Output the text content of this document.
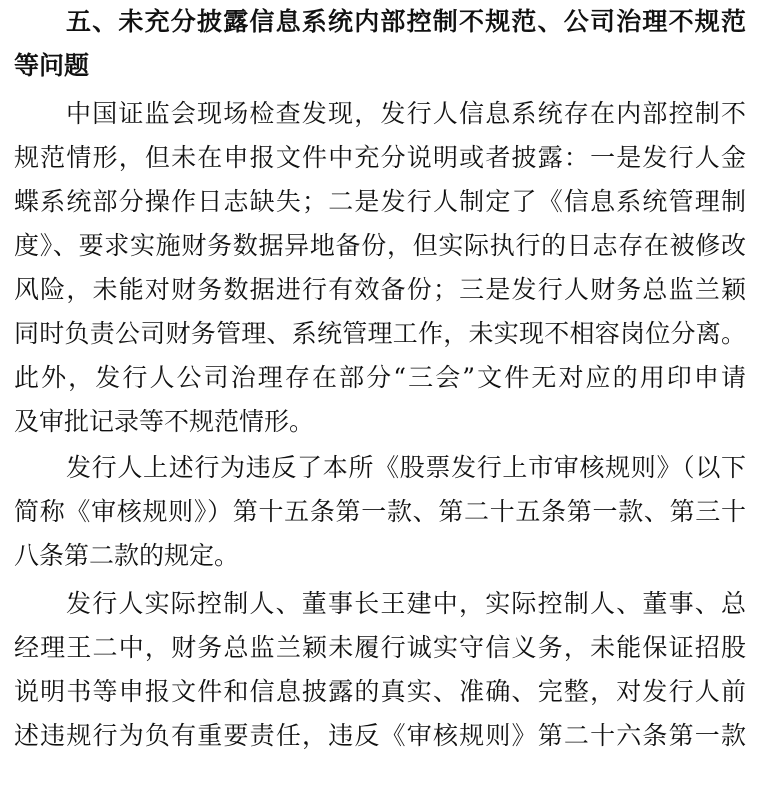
五、未充分披露信息系统内部控制不规范、公司治理不规范
等问题
中国证监会现场检查发现，发行人信息系统存在内部控制不
规范情形，但未在申报文件中充分说明或者披露：一是发行人金
蝶系统部分操作日志缺失；二是发行人制定了《信息系统管理制
度》、要求实施财务数据异地备份，但实际执行的日志存在被修改
风险，未能对财务数据进行有效备份；三是发行人财务总监兰颖
同时负责公司财务管理、系统管理工作，未实现不相容岗位分离。
此外，发行人公司治理存在部分“三会”文件无对应的用印申请
及审批记录等不规范情形。
发行人上述行为违反了本所《股票发行上市审核规则》（以下
简称《审核规则》）第十五条第一款、第二十五条第一款、第三十
八条第二款的规定。
发行人实际控制人、董事长王建中，实际控制人、董事、总
经理王二中，财务总监兰颖未履行诚实守信义务，未能保证招股
说明书等申报文件和信息披露的真实、准确、完整，对发行人前
述违规行为负有重要责任，违反《审核规则》第二十六条第一款
